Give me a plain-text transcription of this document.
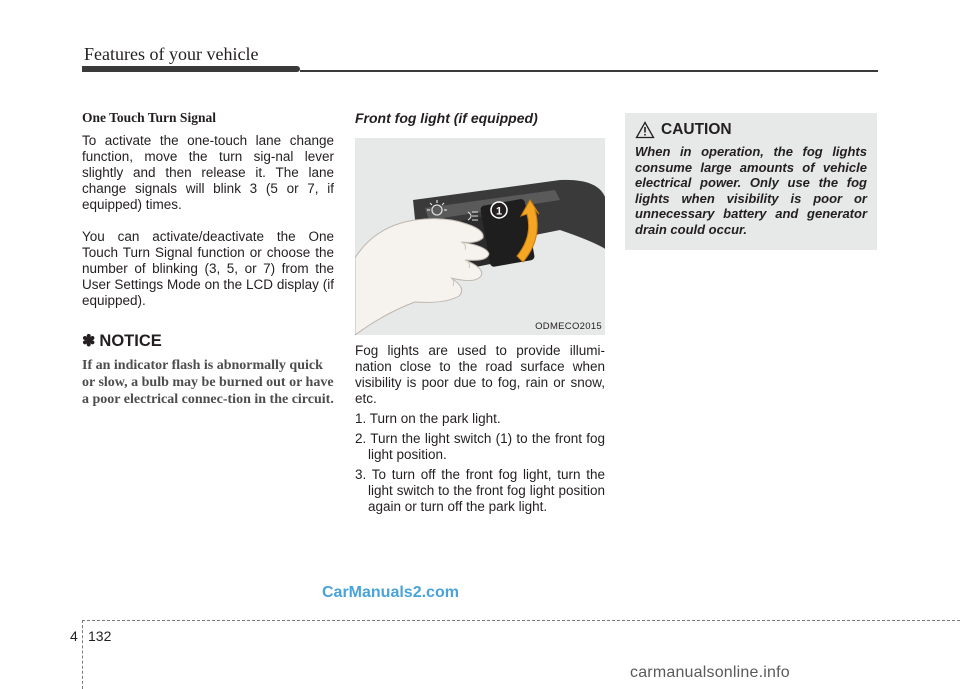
Features of your vehicle
One Touch Turn Signal

To activate the one-touch lane change function, move the turn sig-nal lever slightly and then release it. The lane change signals will blink 3 (5 or 7, if equipped) times.

You can activate/deactivate the One Touch Turn Signal function or choose the number of blinking (3, 5, or 7) from the User Settings Mode on the LCD display (if equipped).

✽ NOTICE
If an indicator flash is abnormally quick or slow, a bulb may be burned out or have a poor electrical connec-tion in the circuit.
Front fog light (if equipped)
1
ODMECO2015

Fog lights are used to provide illumi-nation close to the road surface when visibility is poor due to fog, rain or snow, etc.

1. Turn on the park light.
2. Turn the light switch (1) to the front fog light position.
3. To turn off the front fog light, turn the light switch to the front fog light position again or turn off the park light.
CAUTION
When in operation, the fog lights consume large amounts of vehicle electrical power. Only use the fog lights when visibility is poor or unnecessary battery and generator drain could occur.
CarManuals2.com
4 132
carmanualsonline.info
